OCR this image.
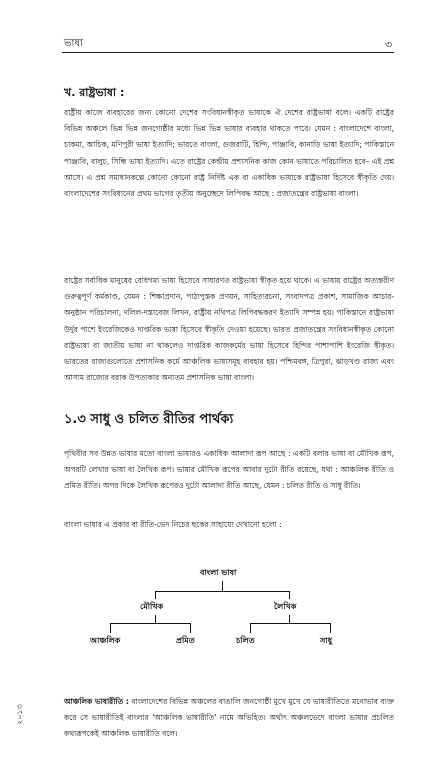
ভাষা	৩
খ. রাষ্ট্রভাষা :
রাষ্ট্রীয় কাজে ব্যবহারের জন্য কোনো দেশের সংবিধানস্বীকৃত ভাষাকে ঐ দেশের রাষ্ট্রভাষা বলে। একটি রাষ্ট্রের বিভিন্ন অঞ্চলে ভিন্ন ভিন্ন জনগোষ্ঠীর মধ্যে ভিন্ন ভিন্ন ভাষার ব্যবহার থাকতে পারে। যেমন : বাংলাদেশে বাংলা, চাকমা, আচিক, মণিপুরী ভাষা ইত্যাদি; ভারতে বাংলা, গুজরাটি, হিন্দি, পাঞ্জাবি, কানাড়ি ভাষা ইত্যাদি; পাকিস্তানে পাঞ্জাবি, বালুচ, সিন্ধি ভাষা ইত্যাদি। এতে রাষ্ট্রের কেন্দ্রীয় প্রশাসনিক কাজ কোন ভাষাতে পরিচালিত হবে– এই প্রশ্ন আসে। এ প্রশ্ন সমাধানকল্পে কোনো কোনো রাষ্ট্র নির্দিষ্ট এক বা একাধিক ভাষাকে রাষ্ট্রভাষা হিসেবে স্বীকৃতি দেয়। বাংলাদেশের সংবিধানের প্রথম ভাগের তৃতীয় অনুচ্ছেদে লিপিবদ্ধ আছে : প্রজাতন্ত্রের রাষ্ট্রভাষা বাংলা।
রাষ্ট্রের সর্বাধিক মানুষের বোধগম্য ভাষা হিসেবে সাধারণত রাষ্ট্রভাষা স্বীকৃত হয়ে থাকে। এ ভাষায় রাষ্ট্রের অত্যন্তরীণ গুরুত্বপূর্ণ কর্মকাণ্ড, যেমন : শিক্ষাপ্রদান, পাঠ্যপুস্তক প্রণয়ন, সাহিত্যরচনা, সংবাদপত্র প্রকাশ, সামাজিক আচার-অনুষ্ঠান পরিচালনা, দলিল-দস্তাবেজ লিখন, রাষ্ট্রীয় নথিপত্র লিপিবদ্ধকরণ ইত্যাদি সম্পন্ন হয়। পাকিস্তানে রাষ্ট্রভাষা উর্দুর পাশে ইংরেজিকেও দাপ্তরিক ভাষা হিসেবে স্বীকৃতি দেওয়া হয়েছে। ভারত প্রজাতন্ত্রের সংবিধানস্বীকৃত কোনো রাষ্ট্রভাষা বা জাতীয় ভাষা না থাকলেও দাপ্তরিক কাজকর্মের ভাষা হিসেবে হিন্দির পাশাপাশি ইংরেজি স্বীকৃত। ভারতের রাজ্যগুলোতে প্রশাসনিক কর্মে আঞ্চলিক ভাষাসমূহ ব্যবহার হয়। পশ্চিমবঙ্গ, ত্রিপুরা, ঝাড়খণ্ড রাজ্য এবং আসাম রাজ্যের বরাক উপত্যকার অন্যতম প্রশাসনিক ভাষা বাংলা।
১.৩ সাধু ও চলিত রীতির পার্থক্য
পৃথিবীর সব উন্নত ভাষার মতো বাংলা ভাষারও একাধিক আলাদা রূপ আছে : একটি বলার ভাষা বা মৌখিক রূপ, অপরটি লেখার ভাষা বা লৈখিক রূপ। ভাষার মৌখিক রূপের আবার দুটো রীতি রয়েছে, যথা : আঞ্চলিক রীতি ও প্রমিত রীতি। অপর দিকে লৈখিক রূপেরও দুটো আলাদা রীতি আছে, যেমন : চলিত রীতি ও সাধু রীতি।
বাংলা ভাষার এ প্রকার বা রীতি-ভেদ নিচের ছকের সাহায্যে দেখানো হলো :
বাংলা ভাষা
মৌখিক	লৈখিক
আঞ্চলিক	প্রমিত	চলিত	সাধু
আঞ্চলিক ভাষারীতি : বাংলাদেশের বিভিন্ন অঞ্চলের বাঙালি জনগোষ্ঠী মুখে মুখে যে ভাষারীতিতে মনোভাব ব্যক্ত করে সে ভাষারীতিই বাংলার 'আঞ্চলিক ভাষারীতি' নামে অভিহিত। অর্থাৎ অঞ্চলভেদে বাংলা ভাষার প্রচলিত কথ্যরূপকেই আঞ্চলিক ভাষারীতি বলে।
২০১৩
